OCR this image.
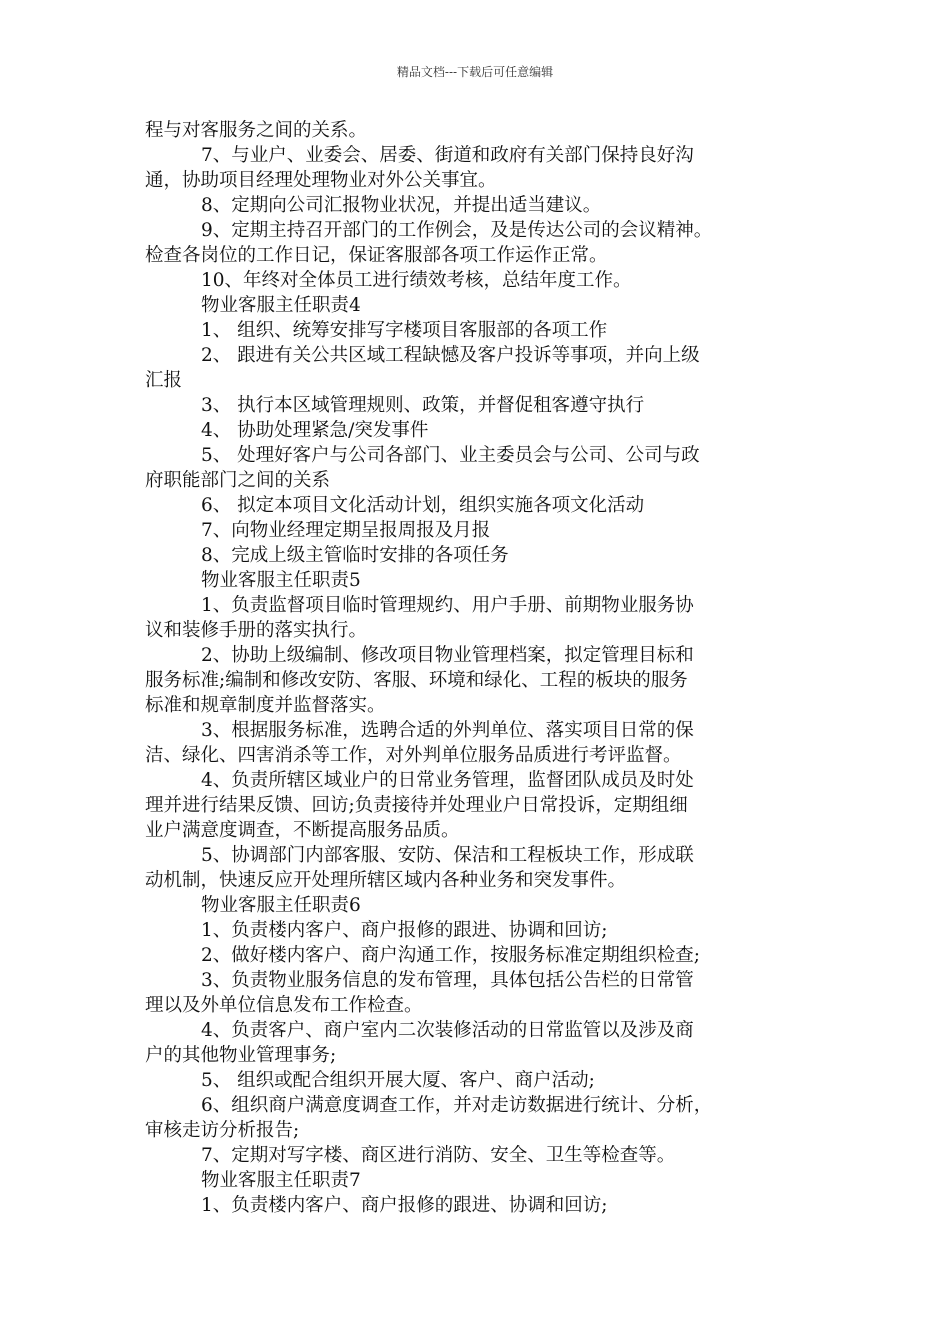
精品文档---下载后可任意编辑
程与对客服务之间的关系。
7、与业户、业委会、居委、街道和政府有关部门保持良好沟
通，协助项目经理处理物业对外公关事宜。
8、定期向公司汇报物业状况，并提出适当建议。
9、定期主持召开部门的工作例会，及是传达公司的会议精神。
检查各岗位的工作日记，保证客服部各项工作运作正常。
10、年终对全体员工进行绩效考核，总结年度工作。
物业客服主任职责4
1、 组织、统筹安排写字楼项目客服部的各项工作
2、 跟进有关公共区域工程缺憾及客户投诉等事项，并向上级
汇报
3、 执行本区域管理规则、政策，并督促租客遵守执行
4、 协助处理紧急/突发事件
5、 处理好客户与公司各部门、业主委员会与公司、公司与政
府职能部门之间的关系
6、 拟定本项目文化活动计划，组织实施各项文化活动
7、向物业经理定期呈报周报及月报
8、完成上级主管临时安排的各项任务
物业客服主任职责5
1、负责监督项目临时管理规约、用户手册、前期物业服务协
议和装修手册的落实执行。
2、协助上级编制、修改项目物业管理档案，拟定管理目标和
服务标准;编制和修改安防、客服、环境和绿化、工程的板块的服务
标准和规章制度并监督落实。
3、根据服务标准，选聘合适的外判单位、落实项目日常的保
洁、绿化、四害消杀等工作，对外判单位服务品质进行考评监督。
4、负责所辖区域业户的日常业务管理，监督团队成员及时处
理并进行结果反馈、回访;负责接待并处理业户日常投诉，定期组细
业户满意度调查，不断提高服务品质。
5、协调部门内部客服、安防、保洁和工程板块工作，形成联
动机制，快速反应开处理所辖区域内各种业务和突发事件。
物业客服主任职责6
1、负责楼内客户、商户报修的跟进、协调和回访;
2、做好楼内客户、商户沟通工作，按服务标准定期组织检查;
3、负责物业服务信息的发布管理，具体包括公告栏的日常管
理以及外单位信息发布工作检查。
4、负责客户、商户室内二次装修活动的日常监管以及涉及商
户的其他物业管理事务;
5、 组织或配合组织开展大厦、客户、商户活动;
6、组织商户满意度调查工作，并对走访数据进行统计、分析，
审核走访分析报告;
7、定期对写字楼、商区进行消防、安全、卫生等检查等。
物业客服主任职责7
1、负责楼内客户、商户报修的跟进、协调和回访;
